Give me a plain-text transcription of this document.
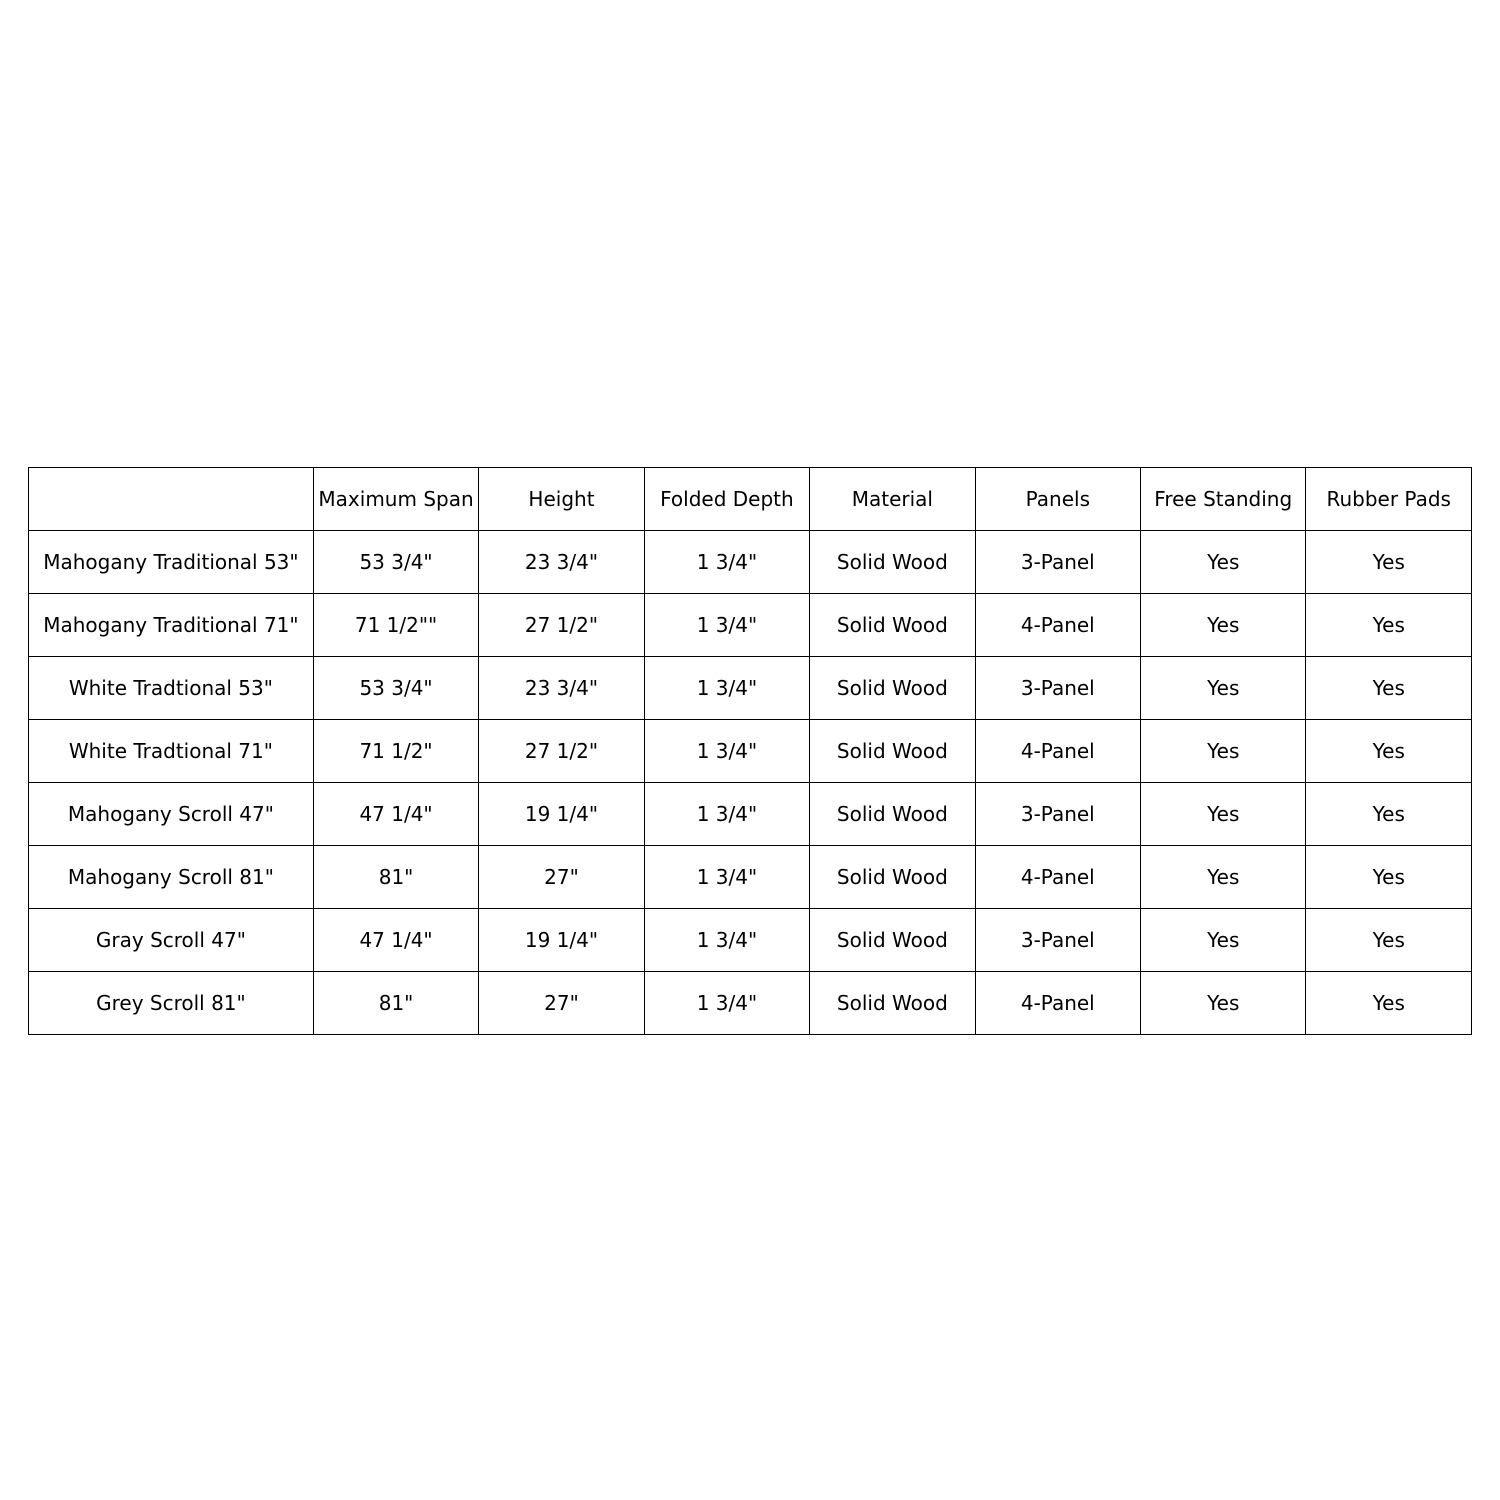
	Maximum Span	Height	Folded Depth	Material	Panels	Free Standing	Rubber Pads
Mahogany Traditional 53"	53 3/4"	23 3/4"	1 3/4"	Solid Wood	3-Panel	Yes	Yes
Mahogany Traditional 71"	71 1/2""	27 1/2"	1 3/4"	Solid Wood	4-Panel	Yes	Yes
White Tradtional 53"	53 3/4"	23 3/4"	1 3/4"	Solid Wood	3-Panel	Yes	Yes
White Tradtional 71"	71 1/2"	27 1/2"	1 3/4"	Solid Wood	4-Panel	Yes	Yes
Mahogany Scroll 47"	47 1/4"	19 1/4"	1 3/4"	Solid Wood	3-Panel	Yes	Yes
Mahogany Scroll 81"	81"	27"	1 3/4"	Solid Wood	4-Panel	Yes	Yes
Gray Scroll 47"	47 1/4"	19 1/4"	1 3/4"	Solid Wood	3-Panel	Yes	Yes
Grey Scroll 81"	81"	27"	1 3/4"	Solid Wood	4-Panel	Yes	Yes
